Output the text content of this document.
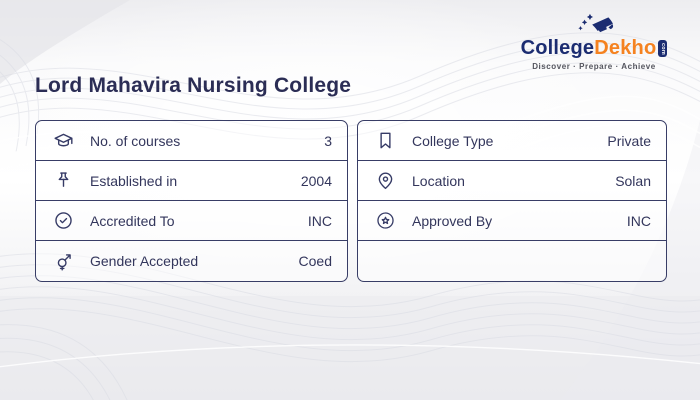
College Dekho com
Discover · Prepare · Achieve
Lord Mahavira Nursing College
No. of courses	3
Established in	2004
Accredited To	INC
Gender Accepted	Coed
College Type	Private
Location	Solan
Approved By	INC
